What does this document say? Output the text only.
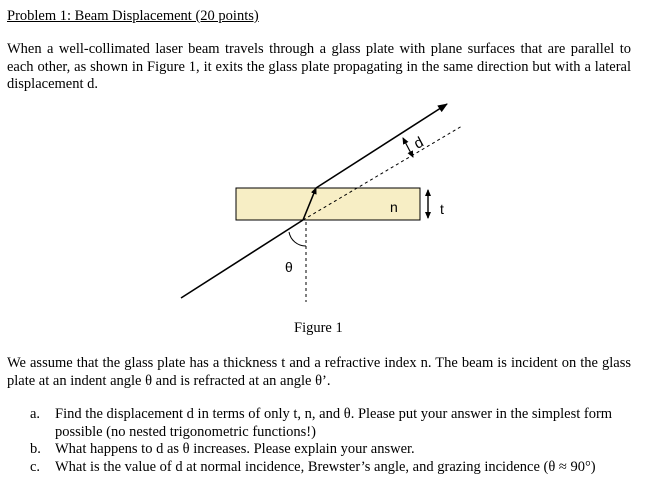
Problem 1: Beam Displacement (20 points)
When a well-collimated laser beam travels through a glass plate with plane surfaces that are parallel to each other, as shown in Figure 1, it exits the glass plate propagating in the same direction but with a lateral displacement d.
d
n	t
θ
Figure 1
We assume that the glass plate has a thickness t and a refractive index n. The beam is incident on the glass plate at an indent angle θ and is refracted at an angle θ’.
a.	Find the displacement d in terms of only t, n, and θ. Please put your answer in the simplest form possible (no nested trigonometric functions!)
b. What happens to d as θ increases. Please explain your answer.
c.	What is the value of d at normal incidence, Brewster’s angle, and grazing incidence (θ ≈ 90°)
